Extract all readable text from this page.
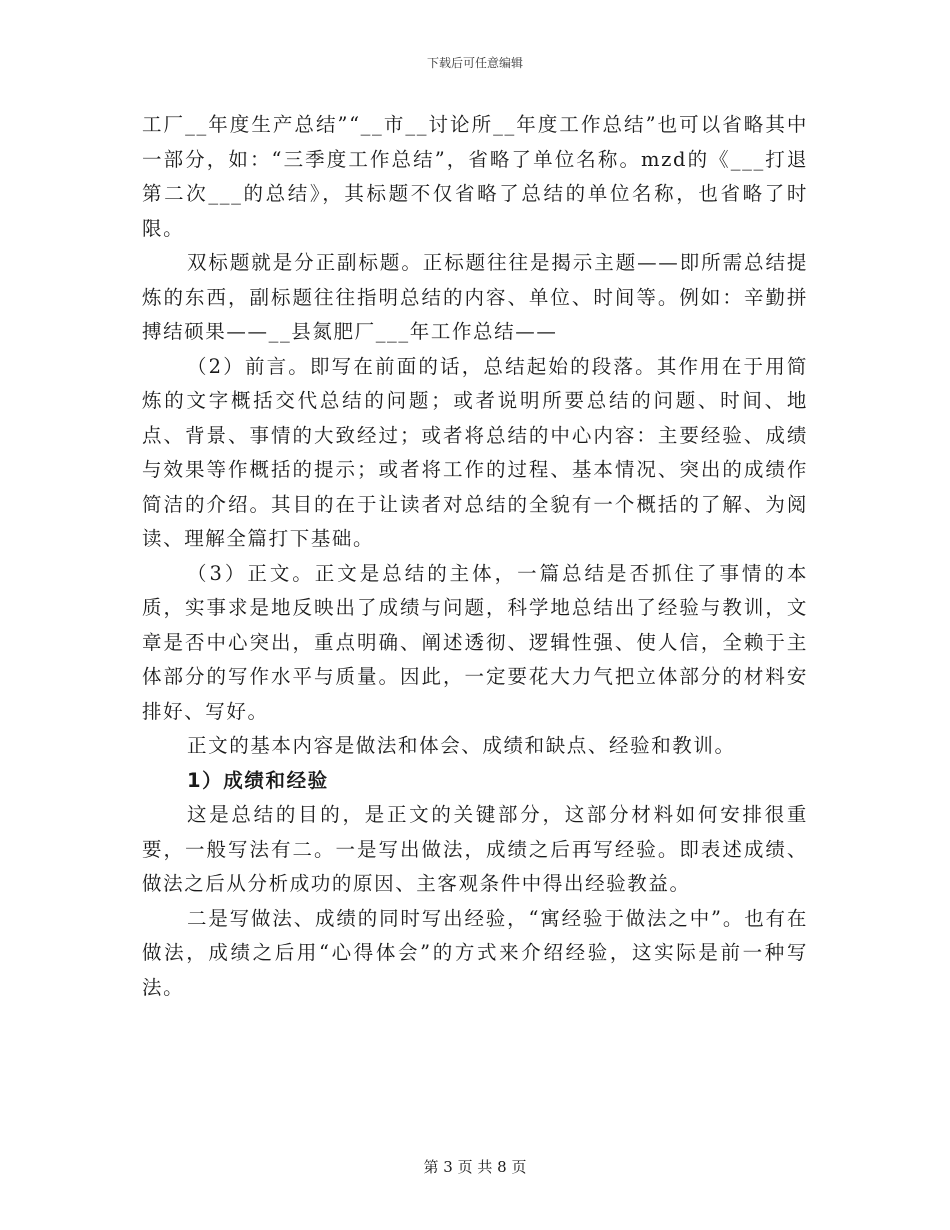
下载后可任意编辑

工厂__年度生产总结”“__市__讨论所__年度工作总结”也可以省略其中一部分，如：“三季度工作总结”，省略了单位名称。mzd的《___打退第二次___的总结》，其标题不仅省略了总结的单位名称，也省略了时限。

双标题就是分正副标题。正标题往往是揭示主题——即所需总结提炼的东西，副标题往往指明总结的内容、单位、时间等。例如：辛勤拼搏结硕果——__县氮肥厂___年工作总结——

（2）前言。即写在前面的话，总结起始的段落。其作用在于用简炼的文字概括交代总结的问题；或者说明所要总结的问题、时间、地点、背景、事情的大致经过；或者将总结的中心内容：主要经验、成绩与效果等作概括的提示；或者将工作的过程、基本情况、突出的成绩作简洁的介绍。其目的在于让读者对总结的全貌有一个概括的了解、为阅读、理解全篇打下基础。

（3）正文。正文是总结的主体，一篇总结是否抓住了事情的本质，实事求是地反映出了成绩与问题，科学地总结出了经验与教训，文章是否中心突出，重点明确、阐述透彻、逻辑性强、使人信，全赖于主体部分的写作水平与质量。因此，一定要花大力气把立体部分的材料安排好、写好。

正文的基本内容是做法和体会、成绩和缺点、经验和教训。

1）成绩和经验

这是总结的目的，是正文的关键部分，这部分材料如何安排很重要，一般写法有二。一是写出做法，成绩之后再写经验。即表述成绩、做法之后从分析成功的原因、主客观条件中得出经验教益。

二是写做法、成绩的同时写出经验，“寓经验于做法之中”。也有在做法，成绩之后用“心得体会”的方式来介绍经验，这实际是前一种写法。

第 3 页 共 8 页
